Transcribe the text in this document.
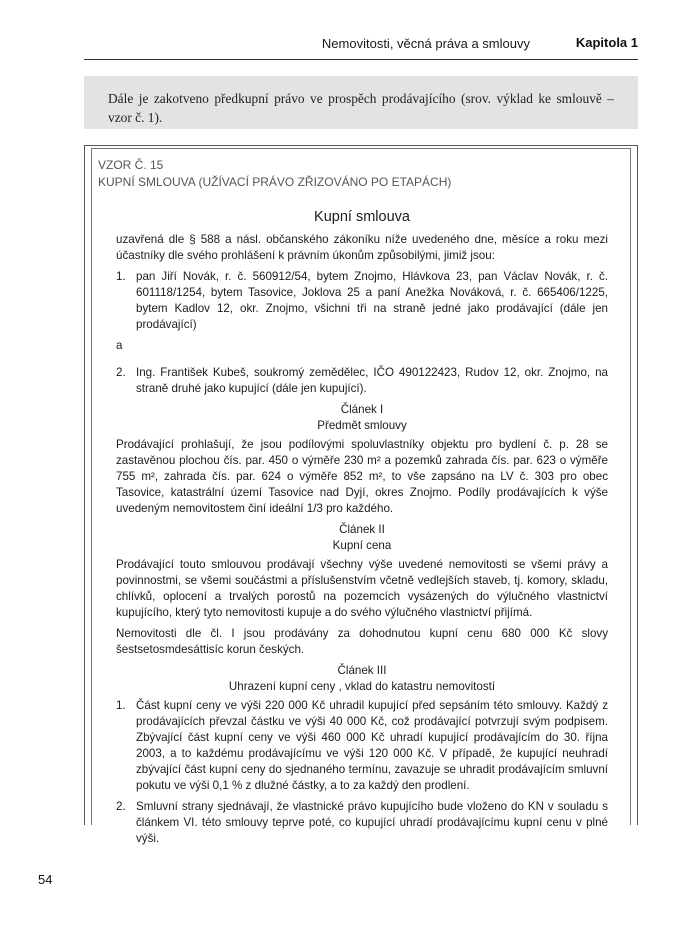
Nemovitosti, věcná práva a smlouvy	Kapitola 1
Dále je zakotveno předkupní právo ve prospěch prodávajícího (srov. výklad ke smlouvě – vzor č. 1).
VZOR Č. 15
KUPNÍ SMLOUVA (UŽÍVACÍ PRÁVO ZŘIZOVÁNO PO ETAPÁCH)
Kupní smlouva
uzavřená dle § 588 a násl. občanského zákoníku níže uvedeného dne, měsíce a roku mezi účastníky dle svého prohlášení k právním úkonům způsobilými, jimiž jsou:
1. pan Jiří Novák, r. č. 560912/54, bytem Znojmo, Hlávkova 23, pan Václav Novák, r. č. 601118/1254, bytem Tasovice, Joklova 25 a paní Anežka Nováková, r. č. 665406/1225, bytem Kadlov 12, okr. Znojmo, všichni tři na straně jedné jako prodávající (dále jen prodávající)
a
2. Ing. František Kubeš, soukromý zemědělec, IČO 490122423, Rudov 12, okr. Znojmo, na straně druhé jako kupující (dále jen kupující).
Článek I
Předmět smlouvy
Prodávající prohlašují, že jsou podílovými spoluvlastníky objektu pro bydlení č. p. 28 se zastavěnou plochou čís. par. 450 o výměře 230 m² a pozemků zahrada čís. par. 623 o výměře 755 m², zahrada čís. par. 624 o výměře 852 m², to vše zapsáno na LV č. 303 pro obec Tasovice, katastrální území Tasovice nad Dyjí, okres Znojmo. Podíly prodávajících k výše uvedeným nemovitostem činí ideální 1/3 pro každého.
Článek II
Kupní cena
Prodávající touto smlouvou prodávají všechny výše uvedené nemovitosti se všemi právy a povinnostmi, se všemi součástmi a příslušenstvím včetně vedlejších staveb, tj. komory, skladu, chlívků, oplocení a trvalých porostů na pozemcích vysázených do výlučného vlastnictví kupujícího, který tyto nemovitosti kupuje a do svého výlučného vlastnictví přijímá.
Nemovitosti dle čl. I jsou prodávány za dohodnutou kupní cenu 680 000 Kč slovy šestsetosmdesáttisíc korun českých.
Článek III
Uhrazení kupní ceny , vklad do katastru nemovitostí
1. Část kupní ceny ve výši 220 000 Kč uhradil kupující před sepsáním této smlouvy. Každý z prodávajících převzal částku ve výši 40 000 Kč, což prodávající potvrzují svým podpisem. Zbývající část kupní ceny ve výši 460 000 Kč uhradí kupující prodávajícím do 30. října 2003, a to každému prodávajícímu ve výši 120 000 Kč. V případě, že kupující neuhradí zbývající část kupní ceny do sjednaného termínu, zavazuje se uhradit prodávajícím smluvní pokutu ve výši 0,1 % z dlužné částky, a to za každý den prodlení.
2. Smluvní strany sjednávají, že vlastnické právo kupujícího bude vloženo do KN v souladu s článkem VI. této smlouvy teprve poté, co kupující uhradí prodávajícímu kupní cenu v plné výši.
54
